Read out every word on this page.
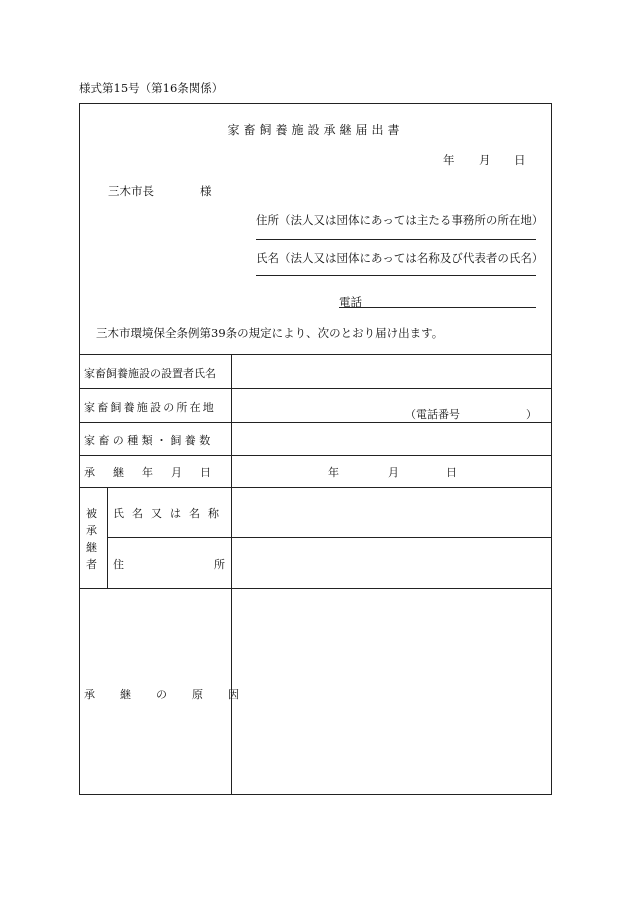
様式第15号（第16条関係）
家畜飼養施設承継届出書
年 月 日
三木市長	様
住所（法人又は団体にあっては主たる事務所の所在地）
氏名（法人又は団体にあっては名称及び代表者の氏名）
電話
三木市環境保全条例第39条の規定により、次のとおり届け出ます。
家畜飼養施設の設置者氏名
家畜飼養施設の所在地
（電話番号　　　　　　）
家畜の種類・飼養数
承継年月日	年	月	日
被承継者
氏名又は名称
住所
承継の原因
